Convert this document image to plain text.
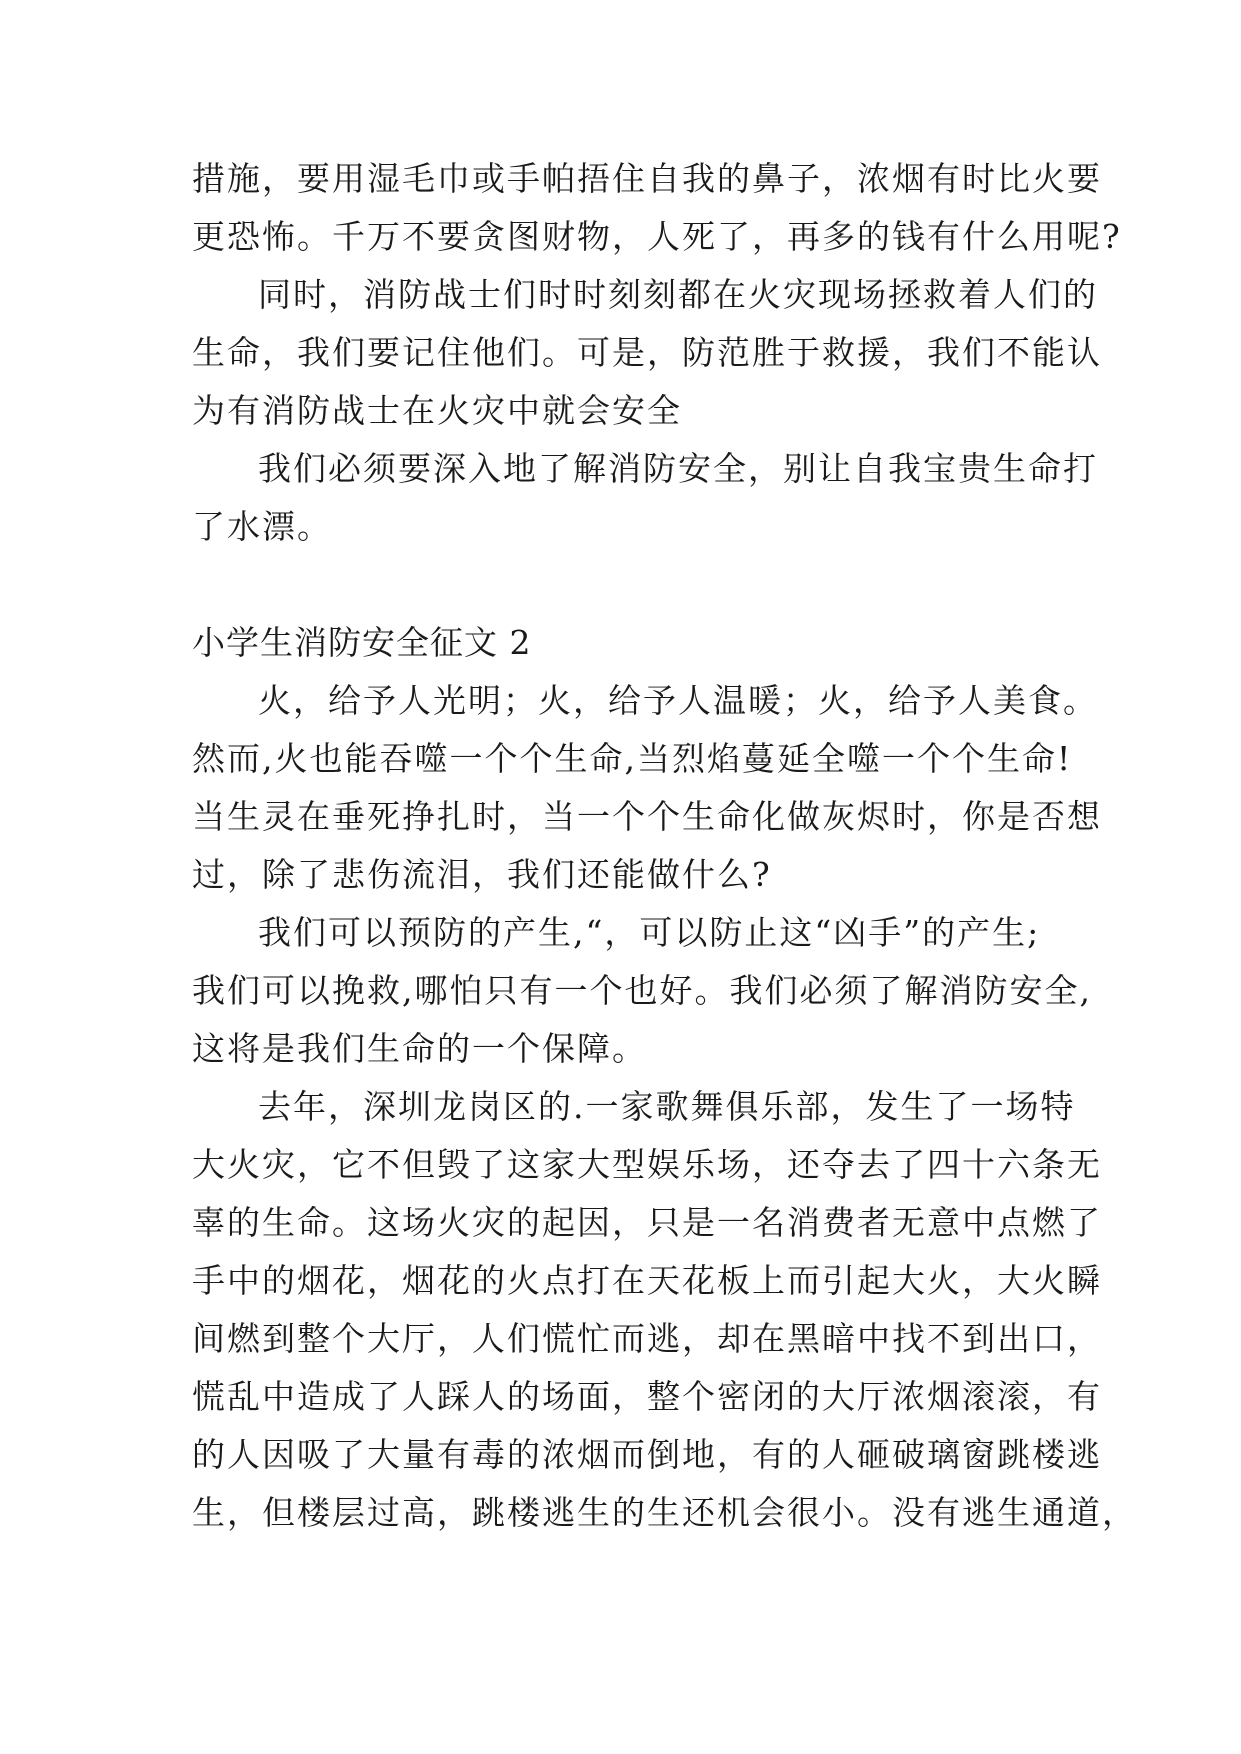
措施，要用湿毛巾或手帕捂住自我的鼻子，浓烟有时比火要
更恐怖。千万不要贪图财物，人死了，再多的钱有什么用呢?
同时，消防战士们时时刻刻都在火灾现场拯救着人们的
生命，我们要记住他们。可是，防范胜于救援，我们不能认
为有消防战士在火灾中就会安全
我们必须要深入地了解消防安全，别让自我宝贵生命打
了水漂。
小学生消防安全征文 2
火，给予人光明；火，给予人温暖；火，给予人美食。
然而,火也能吞噬一个个生命,当烈焰蔓延全噬一个个生命!
当生灵在垂死挣扎时，当一个个生命化做灰烬时，你是否想
过，除了悲伤流泪，我们还能做什么?
我们可以预防的产生,“，可以防止这“凶手”的产生;
我们可以挽救,哪怕只有一个也好。我们必须了解消防安全,
这将是我们生命的一个保障。
去年，深圳龙岗区的.一家歌舞俱乐部，发生了一场特
大火灾，它不但毁了这家大型娱乐场，还夺去了四十六条无
辜的生命。这场火灾的起因，只是一名消费者无意中点燃了
手中的烟花，烟花的火点打在天花板上而引起大火，大火瞬
间燃到整个大厅，人们慌忙而逃，却在黑暗中找不到出口，
慌乱中造成了人踩人的场面，整个密闭的大厅浓烟滚滚，有
的人因吸了大量有毒的浓烟而倒地，有的人砸破璃窗跳楼逃
生，但楼层过高，跳楼逃生的生还机会很小。没有逃生通道，
